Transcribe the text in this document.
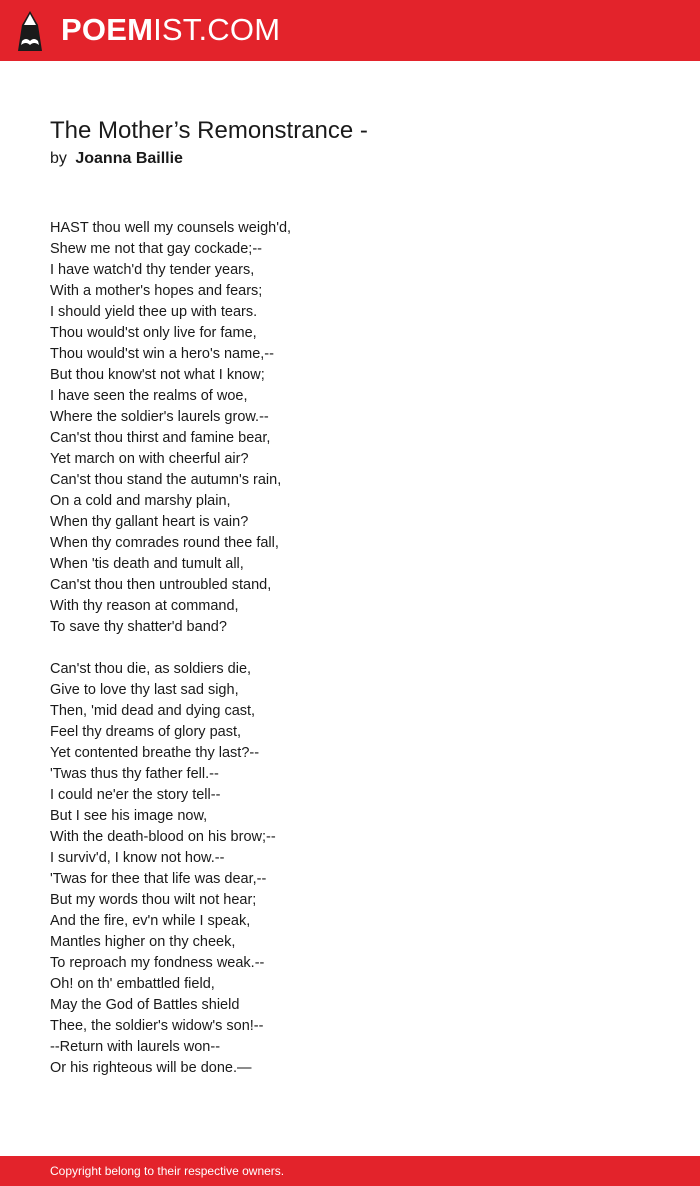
POEMIST.COM
The Mother’s Remonstrance -
by Joanna Baillie
HAST thou well my counsels weigh'd,
Shew me not that gay cockade;--
I have watch'd thy tender years,
With a mother's hopes and fears;
I should yield thee up with tears.
Thou would'st only live for fame,
Thou would'st win a hero's name,--
But thou know'st not what I know;
I have seen the realms of woe,
Where the soldier's laurels grow.--
Can'st thou thirst and famine bear,
Yet march on with cheerful air?
Can'st thou stand the autumn's rain,
On a cold and marshy plain,
When thy gallant heart is vain?
When thy comrades round thee fall,
When 'tis death and tumult all,
Can'st thou then untroubled stand,
With thy reason at command,
To save thy shatter'd band?
Can'st thou die, as soldiers die,
Give to love thy last sad sigh,
Then, 'mid dead and dying cast,
Feel thy dreams of glory past,
Yet contented breathe thy last?--
'Twas thus thy father fell.--
I could ne'er the story tell--
But I see his image now,
With the death-blood on his brow;--
I surviv'd, I know not how.--
'Twas for thee that life was dear,--
But my words thou wilt not hear;
And the fire, ev'n while I speak,
Mantles higher on thy cheek,
To reproach my fondness weak.--
Oh! on th' embattled field,
May the God of Battles shield
Thee, the soldier's widow's son!--
--Return with laurels won--
Or his righteous will be done.—
Copyright belong to their respective owners.
